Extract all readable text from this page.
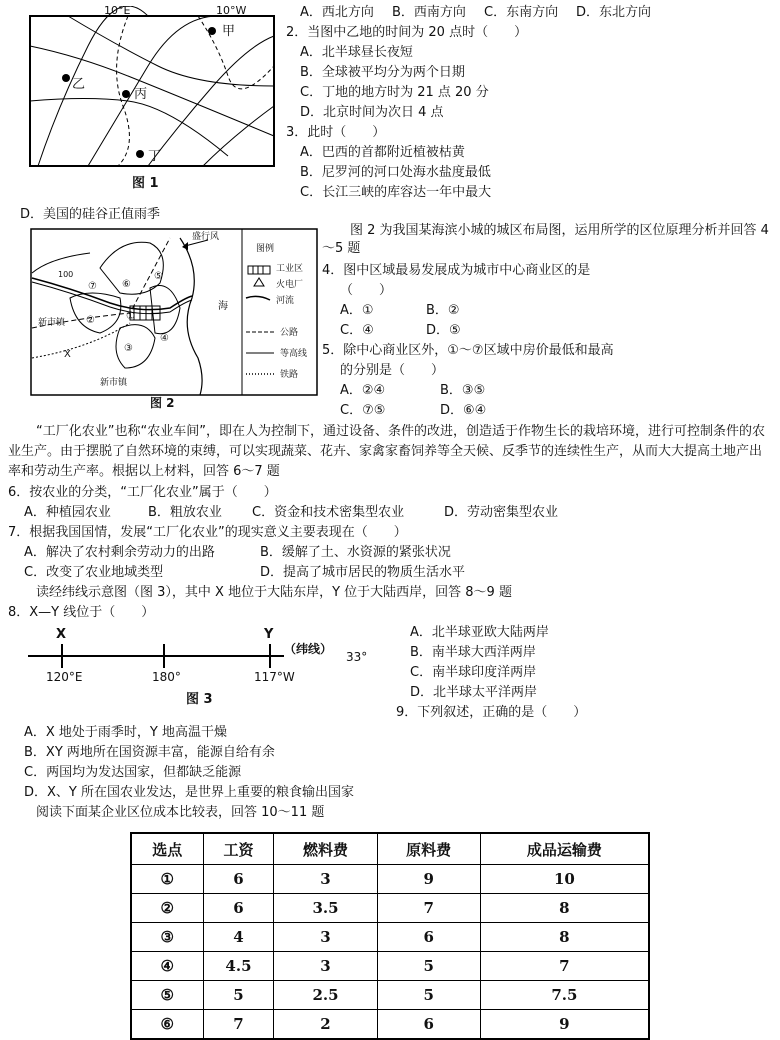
10°E	10°W
甲
乙
丙
丁
图 1
A．西北方向 B．西南方向 C．东南方向 D．东北方向
2．当图中乙地的时间为 20 点时（　　）
A．北半球昼长夜短
B．全球被平均分为两个日期
C．丁地的地方时为 21 点 20 分
D．北京时间为次日 4 点
3．此时（　　）
A．巴西的首都附近植被枯黄
B．尼罗河的河口处海水盐度最低
C．长江三峡的库容达一年中最大
D．美国的硅谷正值雨季
盛行风
图例
工业区
火电厂
河流
公路
等高线
铁路
海
100
新市镇
新市镇
X
①
②
③
④
⑤
⑥
⑦
图 2
图 2 为我国某海滨小城的城区布局图，运用所学的区位原理分析并回答 4～5 题
4．图中区域最易发展成为城市中心商业区的是
（　　）
A．①	B．②
C．④	D．⑤
5．除中心商业区外，①～⑦区域中房价最低和最高
的分别是（　　）
A．②④	B．③⑤
C．⑦⑤	D．⑥④
“工厂化农业”也称“农业车间”，即在人为控制下，通过设备、条件的改进，创造适于作物生长的栽培环境，进行可控制条件的农业生产。由于摆脱了自然环境的束缚，可以实现蔬菜、花卉、家禽家畜饲养等全天候、反季节的连续性生产，从而大大提高土地产出率和劳动生产率。根据以上材料，回答 6～7 题
6．按农业的分类，“工厂化农业”属于（　　）
A．种植园农业	B．粗放农业 C．资金和技术密集型农业	D．劳动密集型农业
7．根据我国国情，发展“工厂化农业”的现实意义主要表现在（　　）
A．解决了农村剩余劳动力的出路	B．缓解了土、水资源的紧张状况
C．改变了农业地域类型	D．提高了城市居民的物质生活水平
读经纬线示意图（图 3），其中 X 地位于大陆东岸，Y 位于大陆西岸，回答 8～9 题
8．X—Y 线位于（　　）
X	Y
（纬线）
33°
120°E	180°	117°W
图 3
A．北半球亚欧大陆两岸
B．南半球大西洋两岸
C．南半球印度洋两岸
D．北半球太平洋两岸
9．下列叙述，正确的是（　　）
A．X 地处于雨季时，Y 地高温干燥
B．XY 两地所在国资源丰富，能源自给有余
C．两国均为发达国家，但都缺乏能源
D．X、Y 所在国农业发达，是世界上重要的粮食输出国家
阅读下面某企业区位成本比较表，回答 10～11 题
选点	工资	燃料费	原料费	成品运输费
①	6	3	9	10
②	6	3.5	7	8
③	4	3	6	8
④	4.5	3	5	7
⑤	5	2.5	5	7.5
⑥	7	2	6	9
